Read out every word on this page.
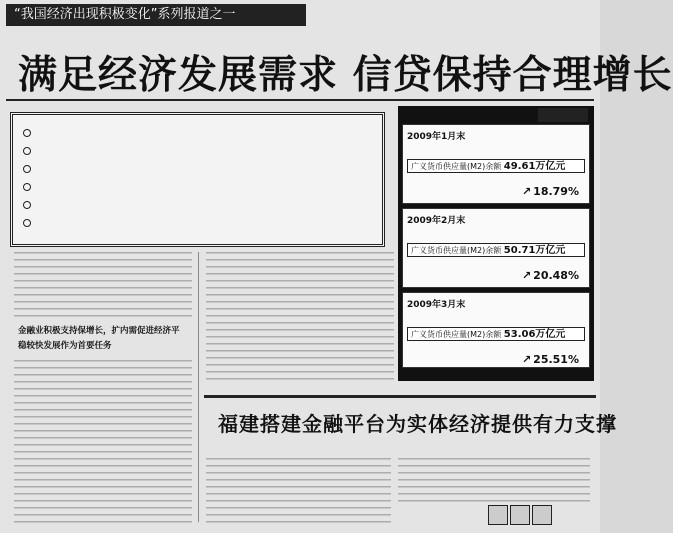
“我国经济出现积极变化”系列报道之一
满足经济发展需求 信贷保持合理增长
2009年1月末
广义货币供应量(M2)余额 49.61万亿元
↗ 18.79%
2009年2月末
广义货币供应量(M2)余额 50.71万亿元
↗ 20.48%
2009年3月末
广义货币供应量(M2)余额 53.06万亿元
↗ 25.51%
金融业积极支持保增长，扩内需促进经济平稳较快发展作为首要任务
福建搭建金融平台为实体经济提供有力支撑
